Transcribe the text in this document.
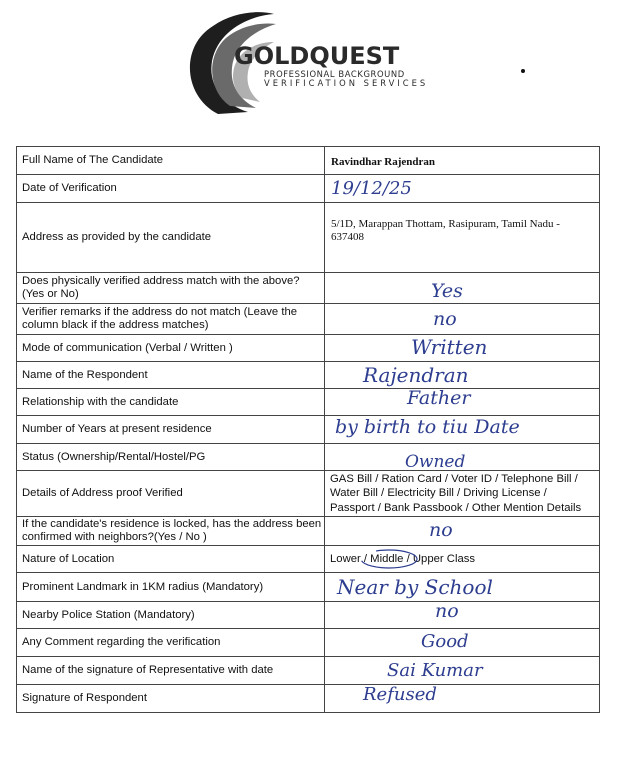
GOLDQUEST
PROFESSIONAL BACKGROUND
VERIFICATION SERVICES
Full Name of The Candidate	Ravindhar Rajendran

Date of Verification	19/12/25

Address as provided by the candidate	5/1D, Marappan Thottam, Rasipuram, Tamil Nadu - 637408

Does physically verified address match with the above? (Yes or No)	Yes

Verifier remarks if the address do not match (Leave the column black if the address matches)	no

Mode of communication (Verbal / Written )	Written

Name of the Respondent	Rajendran

Relationship with the candidate	Father

Number of Years at present residence	by birth to tiu Date

Status (Ownership/Rental/Hostel/PG	Owned

Details of Address proof Verified	GAS Bill / Ration Card / Voter ID / Telephone Bill / Water Bill / Electricity Bill / Driving License / Passport / Bank Passbook / Other Mention Details

If the candidate's residence is locked, has the address been confirmed with neighbors?(Yes / No )	no

Nature of Location	Lower / Middle / Upper Class

Prominent Landmark in 1KM radius (Mandatory)	Near by School

Nearby Police Station (Mandatory)	no

Any Comment regarding the verification	Good

Name of the signature of Representative with date	Sai Kumar

Signature of Respondent	Refused
